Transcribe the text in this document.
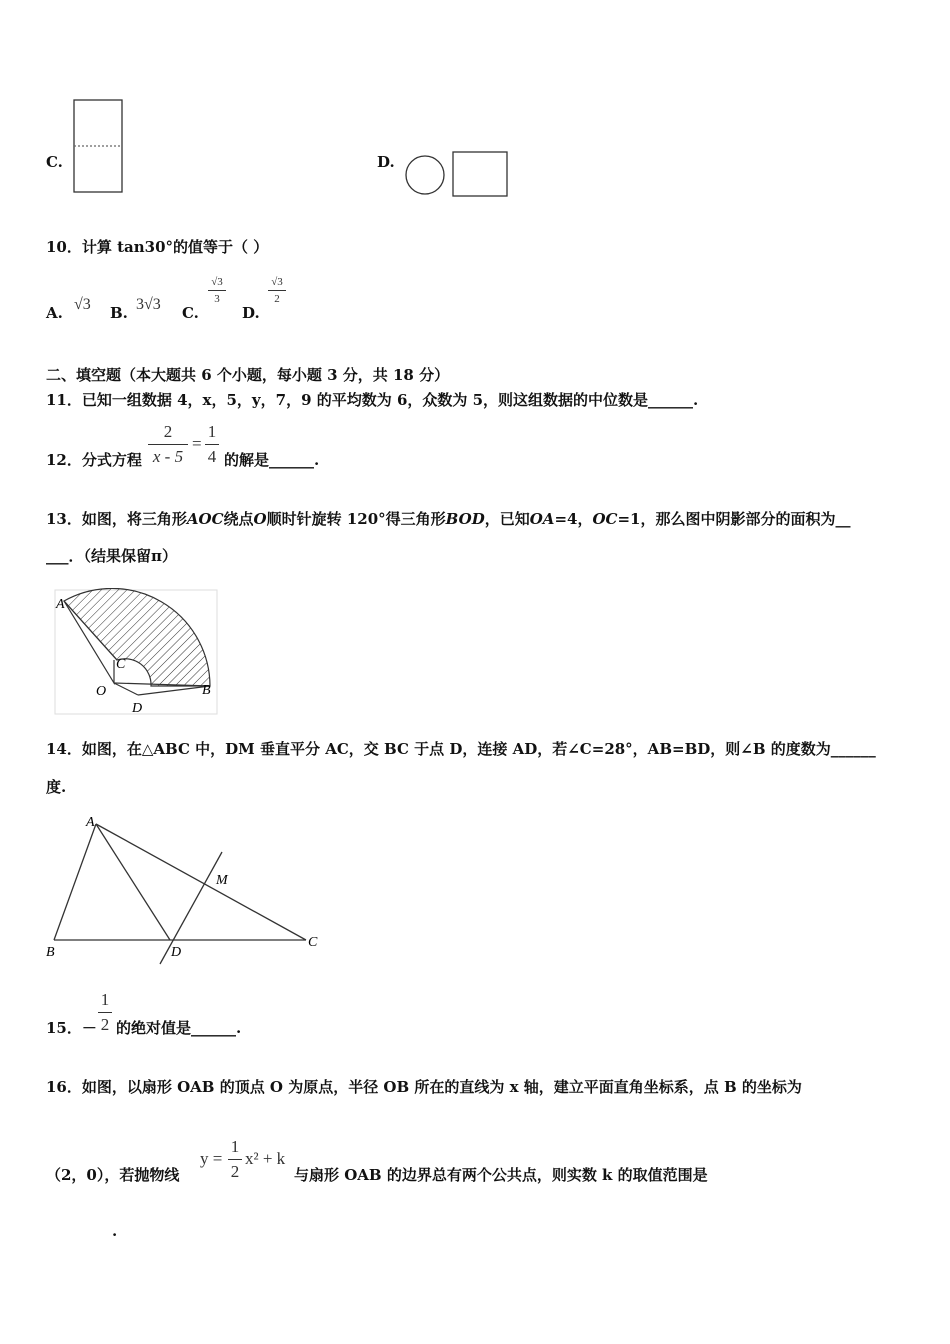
C.	D.
10．计算 tan30°的值等于（ ）
A. √3 B. 3√3 C.
√3
3
D.
√3
2
二、填空题（本大题共 6 个小题，每小题 3 分，共 18 分）
11．已知一组数据 4，x，5，y，7，9 的平均数为 6，众数为 5，则这组数据的中位数是______.
12．分式方程
2
x - 5
=
1
4 的解是______.
13．如图，将三角形AOC绕点O顺时针旋转 120°得三角形BOD，已知OA=4，OC=1，那么图中阴影部分的面积为__
___．（结果保留π）
A
C
O
D
B
14．如图，在△ABC 中，DM 垂直平分 AC，交 BC 于点 D，连接 AD，若∠C=28°，AB=BD，则∠B 的度数为______
度.
A
M
B	D
C
15．－
1
2 的绝对值是______.
16．如图，以扇形 OAB 的顶点 O 为原点，半径 OB 所在的直线为 x 轴，建立平面直角坐标系，点 B 的坐标为
（2，0），若抛物线
y =
1
2
x² + k
与扇形 OAB 的边界总有两个公共点，则实数 k 的取值范围是
.
